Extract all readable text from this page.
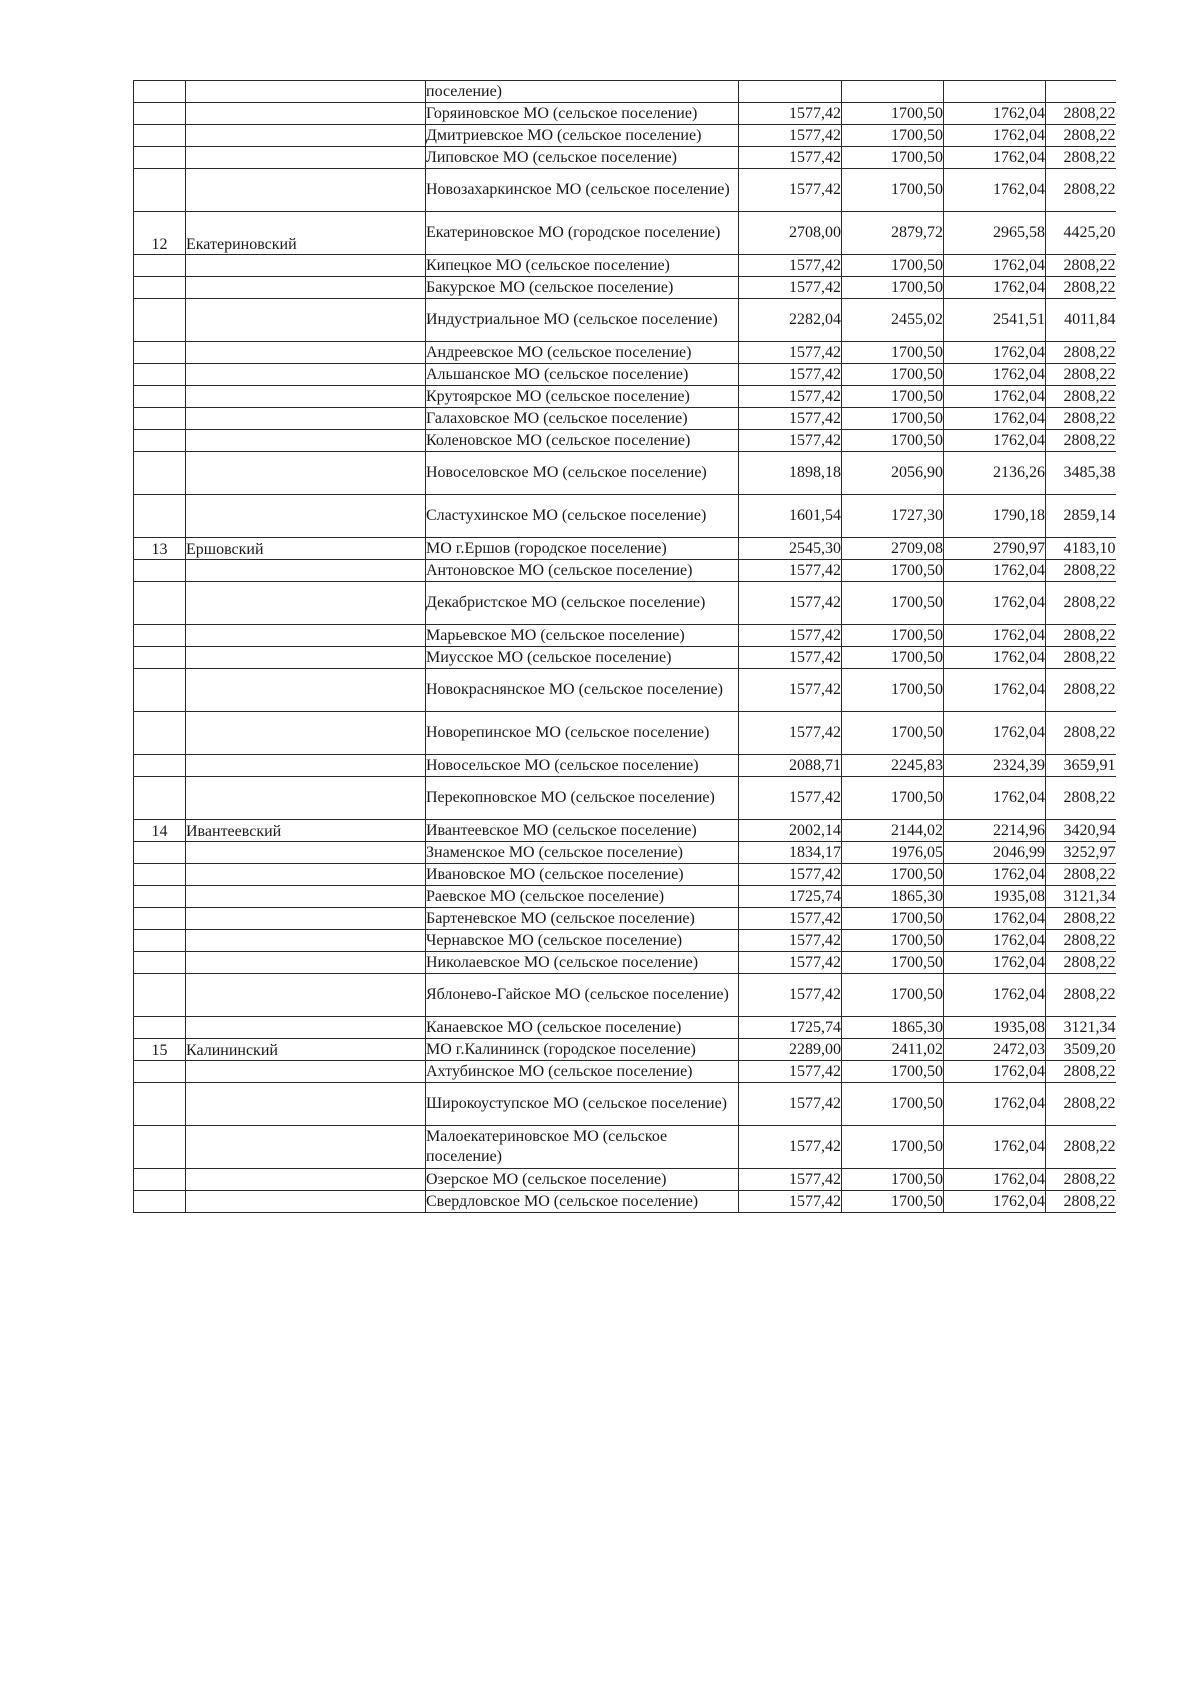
		поселение)				
		Горяиновское МО (сельское поселение)	1577,42	1700,50	1762,04	2808,22
		Дмитриевское МО (сельское поселение)	1577,42	1700,50	1762,04	2808,22
		Липовское МО (сельское поселение)	1577,42	1700,50	1762,04	2808,22
		Новозахаркинское МО (сельское поселение)	1577,42	1700,50	1762,04	2808,22
12	Екатериновский	Екатериновское МО (городское поселение)	2708,00	2879,72	2965,58	4425,20
		Кипецкое МО (сельское поселение)	1577,42	1700,50	1762,04	2808,22
		Бакурское МО (сельское поселение)	1577,42	1700,50	1762,04	2808,22
		Индустриальное МО (сельское поселение)	2282,04	2455,02	2541,51	4011,84
		Андреевское МО (сельское поселение)	1577,42	1700,50	1762,04	2808,22
		Альшанское МО (сельское поселение)	1577,42	1700,50	1762,04	2808,22
		Крутоярское МО (сельское поселение)	1577,42	1700,50	1762,04	2808,22
		Галаховское МО (сельское поселение)	1577,42	1700,50	1762,04	2808,22
		Коленовское МО (сельское поселение)	1577,42	1700,50	1762,04	2808,22
		Новоселовское МО (сельское поселение)	1898,18	2056,90	2136,26	3485,38
		Сластухинское МО (сельское поселение)	1601,54	1727,30	1790,18	2859,14
13	Ершовский	МО г.Ершов (городское поселение)	2545,30	2709,08	2790,97	4183,10
		Антоновское МО (сельское поселение)	1577,42	1700,50	1762,04	2808,22
		Декабристское МО (сельское поселение)	1577,42	1700,50	1762,04	2808,22
		Марьевское МО (сельское поселение)	1577,42	1700,50	1762,04	2808,22
		Миусское МО (сельское поселение)	1577,42	1700,50	1762,04	2808,22
		Новокраснянское МО (сельское поселение)	1577,42	1700,50	1762,04	2808,22
		Новорепинское МО (сельское поселение)	1577,42	1700,50	1762,04	2808,22
		Новосельское МО (сельское поселение)	2088,71	2245,83	2324,39	3659,91
		Перекопновское МО (сельское поселение)	1577,42	1700,50	1762,04	2808,22
14	Ивантеевский	Ивантеевское МО (сельское поселение)	2002,14	2144,02	2214,96	3420,94
		Знаменское МО (сельское поселение)	1834,17	1976,05	2046,99	3252,97
		Ивановское МО (сельское поселение)	1577,42	1700,50	1762,04	2808,22
		Раевское МО (сельское поселение)	1725,74	1865,30	1935,08	3121,34
		Бартеневское МО (сельское поселение)	1577,42	1700,50	1762,04	2808,22
		Чернавское МО (сельское поселение)	1577,42	1700,50	1762,04	2808,22
		Николаевское МО (сельское поселение)	1577,42	1700,50	1762,04	2808,22
		Яблонево-Гайское МО (сельское поселение)	1577,42	1700,50	1762,04	2808,22
		Канаевское МО (сельское поселение)	1725,74	1865,30	1935,08	3121,34
15	Калининский	МО г.Калининск (городское поселение)	2289,00	2411,02	2472,03	3509,20
		Ахтубинское МО (сельское поселение)	1577,42	1700,50	1762,04	2808,22
		Широкоуступское МО (сельское поселение)	1577,42	1700,50	1762,04	2808,22
		Малоекатериновское МО (сельское поселение)	1577,42	1700,50	1762,04	2808,22
		Озерское МО (сельское поселение)	1577,42	1700,50	1762,04	2808,22
		Свердловское МО (сельское поселение)	1577,42	1700,50	1762,04	2808,22
